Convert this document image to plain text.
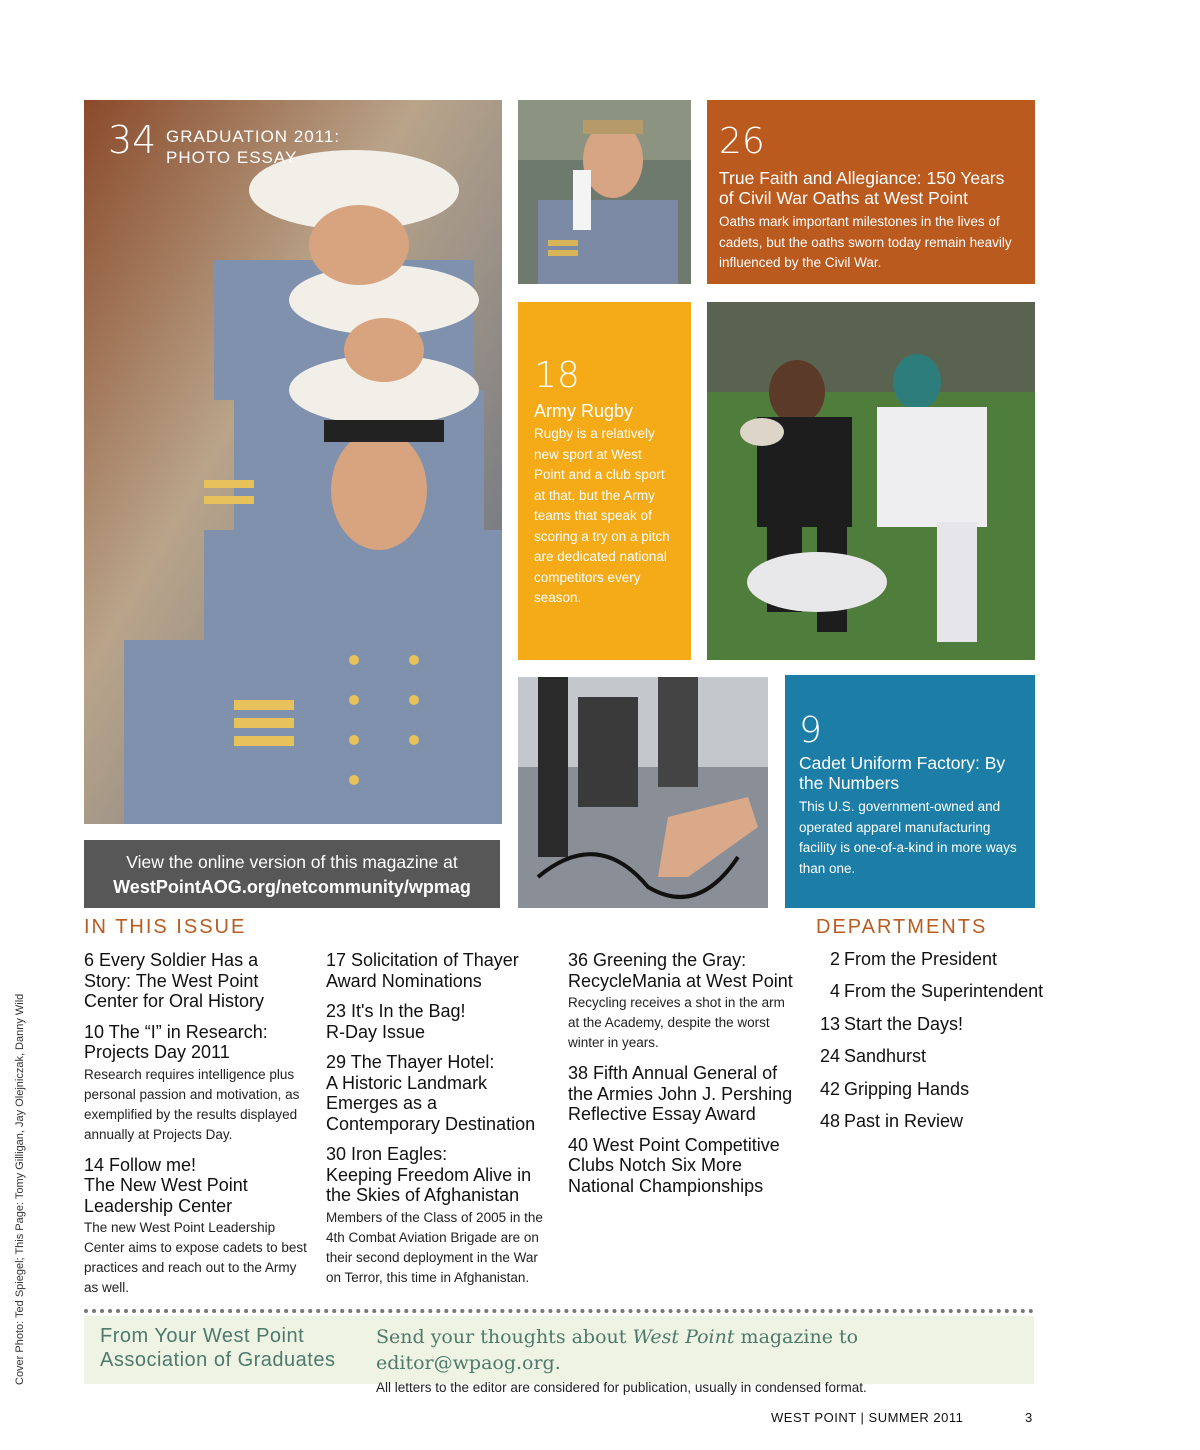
34 GRADUATION 2011:
PHOTO ESSAY	26
True Faith and Allegiance: 150 Years of Civil War Oaths at West Point
Oaths mark important milestones in the lives of cadets, but the oaths sworn today remain heavily influenced by the Civil War.
18
Army Rugby
Rugby is a relatively new sport at West Point and a club sport at that, but the Army teams that speak of scoring a try on a pitch are dedicated national competitors every season.
9
Cadet Uniform Factory: By the Numbers
This U.S. government-owned and operated apparel manufacturing facility is one-of-a-kind in more ways than one.
View the online version of this magazine at
WestPointAOG.org/netcommunity/wpmag
IN THIS ISSUE	DEPARTMENTS
6 Every Soldier Has a Story: The West Point Center for Oral History
10 The “I” in Research: Projects Day 2011
Research requires intelligence plus personal passion and motivation, as exemplified by the results displayed annually at Projects Day.
14 Follow me!
The New West Point Leadership Center
The new West Point Leadership Center aims to expose cadets to best practices and reach out to the Army as well.
17 Solicitation of Thayer Award Nominations
23 It's In the Bag!
R-Day Issue
29 The Thayer Hotel:
A Historic Landmark Emerges as a Contemporary Destination
30 Iron Eagles:
Keeping Freedom Alive in the Skies of Afghanistan
Members of the Class of 2005 in the 4th Combat Aviation Brigade are on their second deployment in the War on Terror, this time in Afghanistan.
36 Greening the Gray:
RecycleMania at West Point
Recycling receives a shot in the arm at the Academy, despite the worst winter in years.
38 Fifth Annual General of the Armies John J. Pershing Reflective Essay Award
40 West Point Competitive Clubs Notch Six More National Championships
2 From the President
4 From the Superintendent
13 Start the Days!
24 Sandhurst
42 Gripping Hands
48 Past in Review
From Your West Point Association of Graduates
Send your thoughts about West Point magazine to editor@wpaog.org.
All letters to the editor are considered for publication, usually in condensed format.
Cover Photo: Ted Spiegel; This Page: Tomy Gilligan, Jay Olejniczak, Danny Wild
WEST POINT | SUMMER 2011	3
